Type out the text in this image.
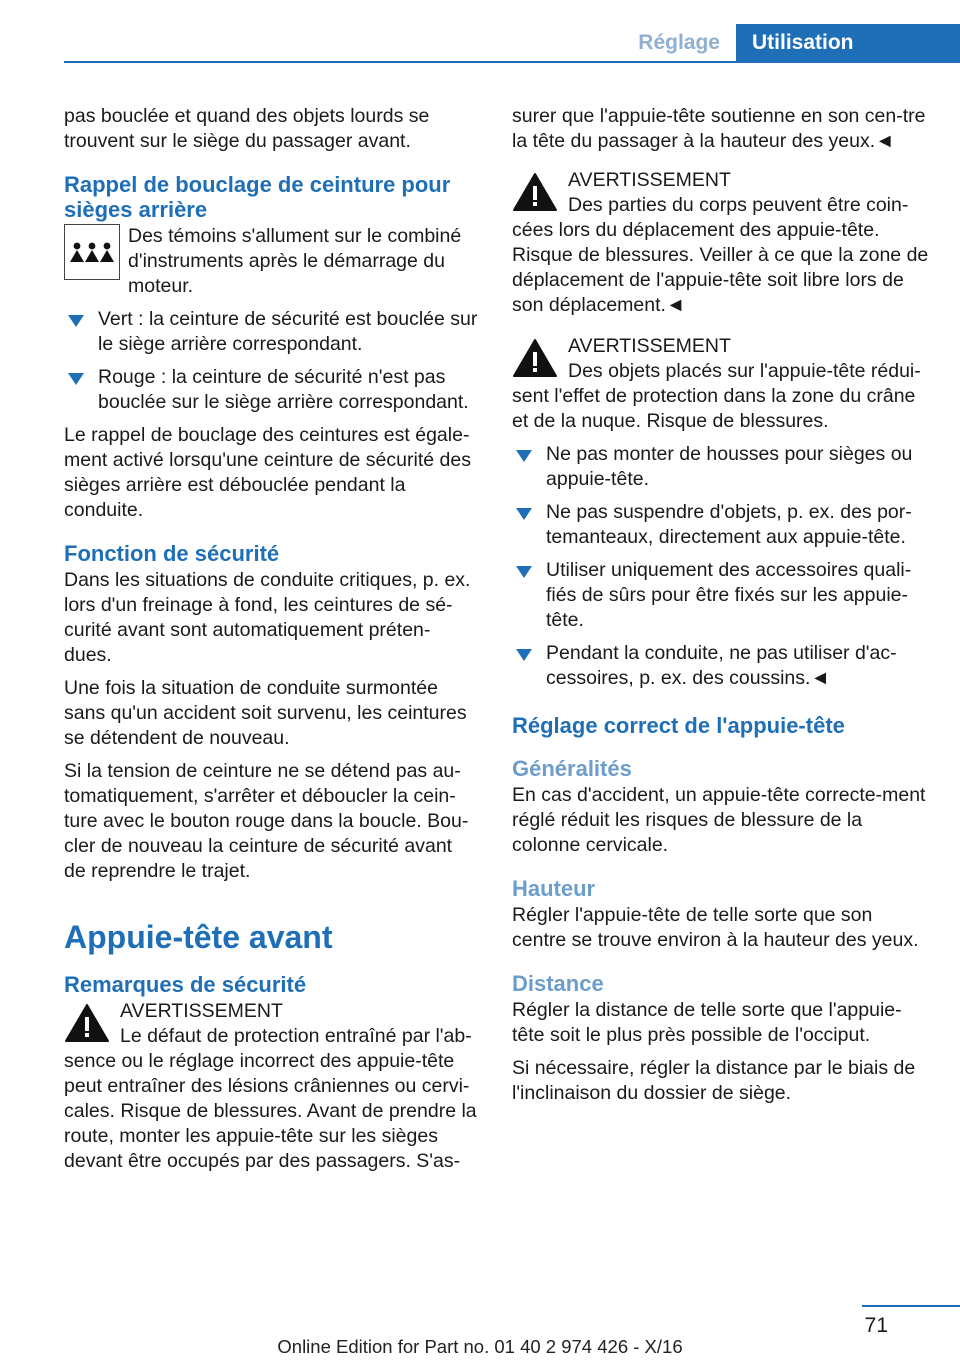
Réglage	Utilisation

pas bouclée et quand des objets lourds se trouvent sur le siège du passager avant.

Rappel de bouclage de ceinture pour sièges arrière
Des témoins s'allument sur le combiné d'instruments après le démarrage du moteur.
Vert : la ceinture de sécurité est bouclée sur le siège arrière correspondant.
Rouge : la ceinture de sécurité n'est pas bouclée sur le siège arrière correspondant.

Le rappel de bouclage des ceintures est égale‐ment activé lorsqu'une ceinture de sécurité des sièges arrière est débouclée pendant la conduite.

Fonction de sécurité

Dans les situations de conduite critiques, p. ex. lors d'un freinage à fond, les ceintures de sé‐curité avant sont automatiquement préten‐dues.

Une fois la situation de conduite surmontée sans qu'un accident soit survenu, les ceintures se détendent de nouveau.

Si la tension de ceinture ne se détend pas au‐tomatiquement, s'arrêter et déboucler la cein‐ture avec le bouton rouge dans la boucle. Bou‐cler de nouveau la ceinture de sécurité avant de reprendre le trajet.

Appuie-tête avant
Remarques de sécurité
AVERTISSEMENT
Le défaut de protection entraîné par l'ab‐sence ou le réglage incorrect des appuie-tête peut entraîner des lésions crâniennes ou cervi‐cales. Risque de blessures. Avant de prendre la route, monter les appuie-tête sur les sièges devant être occupés par des passagers. S'as‐

surer que l'appuie-tête soutienne en son cen‐tre la tête du passager à la hauteur des yeux.◄

AVERTISSEMENT
Des parties du corps peuvent être coin‐cées lors du déplacement des appuie-tête. Risque de blessures. Veiller à ce que la zone de déplacement de l'appuie-tête soit libre lors de son déplacement.◄
AVERTISSEMENT
Des objets placés sur l'appuie-tête rédui‐sent l'effet de protection dans la zone du crâne et de la nuque. Risque de blessures.
Ne pas monter de housses pour sièges ou appuie-tête.
Ne pas suspendre d'objets, p. ex. des por‐temanteaux, directement aux appuie-tête.
Utiliser uniquement des accessoires quali‐fiés de sûrs pour être fixés sur les appuie-tête.
Pendant la conduite, ne pas utiliser d'ac‐cessoires, p. ex. des coussins.◄
Réglage correct de l'appuie-tête
Généralités

En cas d'accident, un appuie-tête correcte‐ment réglé réduit les risques de blessure de la colonne cervicale.

Hauteur

Régler l'appuie-tête de telle sorte que son centre se trouve environ à la hauteur des yeux.

Distance

Régler la distance de telle sorte que l'appuie-tête soit le plus près possible de l'occiput.

Si nécessaire, régler la distance par le biais de l'inclinaison du dossier de siège.

71
Online Edition for Part no. 01 40 2 974 426 - X/16
